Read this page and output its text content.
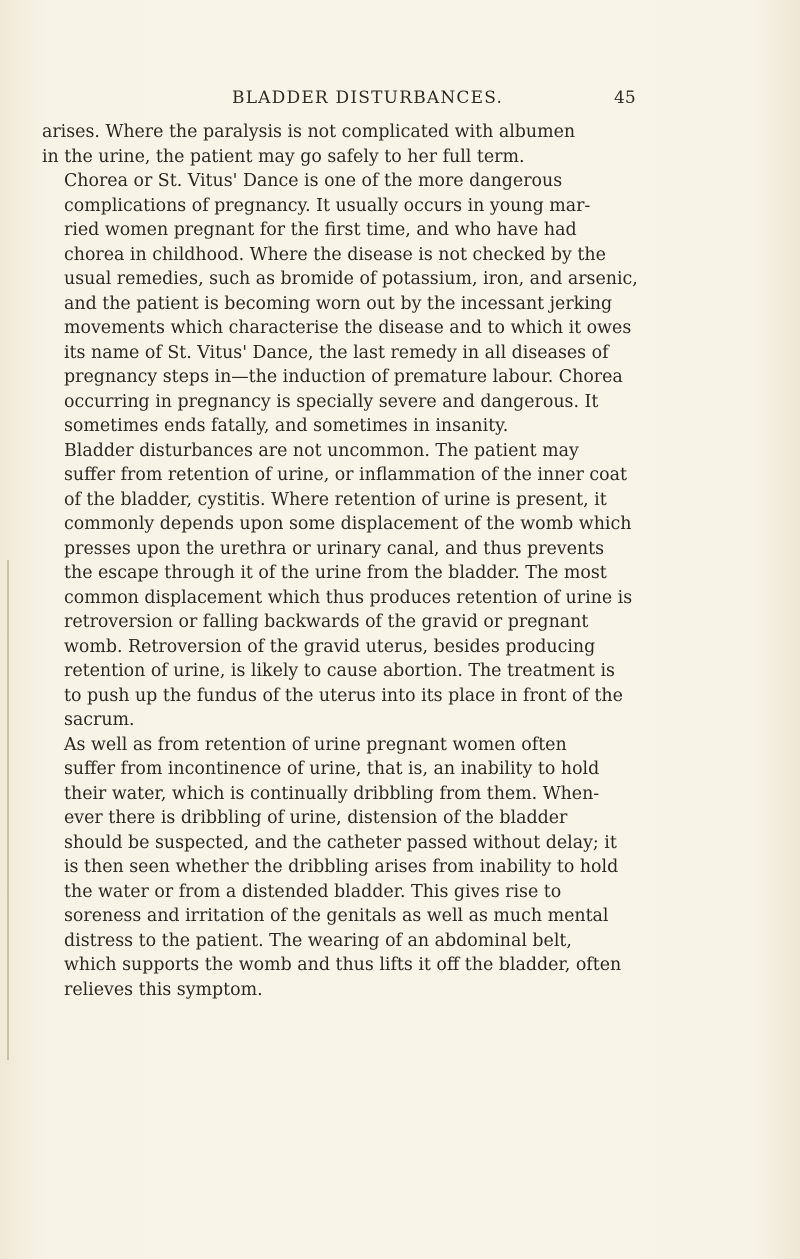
BLADDER DISTURBANCES.	45

arises. Where the paralysis is not complicated with albumen
in the urine, the patient may go safely to her full term.

Chorea or St. Vitus' Dance is one of the more dangerous
complications of pregnancy. It usually occurs in young mar-
ried women pregnant for the first time, and who have had
chorea in childhood. Where the disease is not checked by the
usual remedies, such as bromide of potassium, iron, and arsenic,
and the patient is becoming worn out by the incessant jerking
movements which characterise the disease and to which it owes
its name of St. Vitus' Dance, the last remedy in all diseases of
pregnancy steps in—the induction of premature labour. Chorea
occurring in pregnancy is specially severe and dangerous. It
sometimes ends fatally, and sometimes in insanity.

Bladder disturbances are not uncommon. The patient may
suffer from retention of urine, or inflammation of the inner coat
of the bladder, cystitis. Where retention of urine is present, it
commonly depends upon some displacement of the womb which
presses upon the urethra or urinary canal, and thus prevents
the escape through it of the urine from the bladder. The most
common displacement which thus produces retention of urine is
retroversion or falling backwards of the gravid or pregnant
womb. Retroversion of the gravid uterus, besides producing
retention of urine, is likely to cause abortion. The treatment is
to push up the fundus of the uterus into its place in front of the
sacrum.

As well as from retention of urine pregnant women often
suffer from incontinence of urine, that is, an inability to hold
their water, which is continually dribbling from them. When-
ever there is dribbling of urine, distension of the bladder
should be suspected, and the catheter passed without delay; it
is then seen whether the dribbling arises from inability to hold
the water or from a distended bladder. This gives rise to
soreness and irritation of the genitals as well as much mental
distress to the patient. The wearing of an abdominal belt,
which supports the womb and thus lifts it off the bladder, often
relieves this symptom.
